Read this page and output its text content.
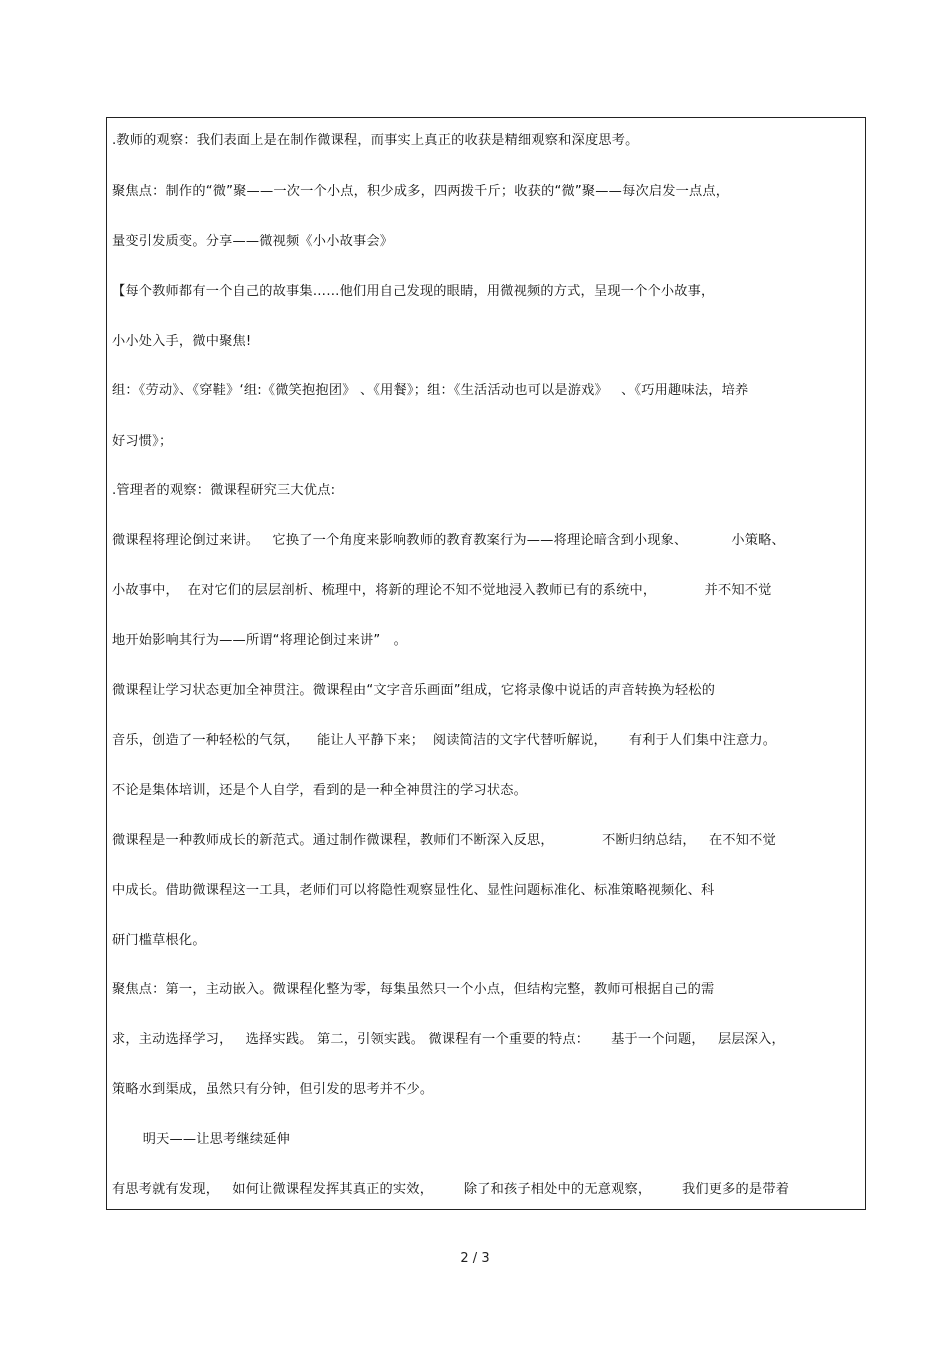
.教师的观察：我们表面上是在制作微课程，而事实上真正的收获是精细观察和深度思考。
聚焦点：制作的“微”聚——一次一个小点，积少成多，四两拨千斤；收获的“微”聚——每次启发一点点，
量变引发质变。分享——微视频《小小故事会》
【每个教师都有一个自己的故事集……他们用自己发现的眼睛，用微视频的方式，呈现一个个小故事，
小小处入手，微中聚焦!
组：《劳动》、《穿鞋》‘组:《微笑抱抱团》 、《用餐》；组：《生活活动也可以是游戏》   、《巧用趣味法，培养
好习惯》；
.管理者的观察：微课程研究三大优点:
微课程将理论倒过来讲。   它换了一个角度来影响教师的教育教案行为——将理论暗含到小现象、          小策略、
小故事中，  在对它们的层层剖析、梳理中，将新的理论不知不觉地浸入教师已有的系统中，           并不知不觉
地开始影响其行为——所谓“将理论倒过来讲”   。
微课程让学习状态更加全神贯注。微课程由“文字音乐画面”组成，它将录像中说话的声音转换为轻松的
音乐，创造了一种轻松的气氛，    能让人平静下来；  阅读简洁的文字代替听解说，     有利于人们集中注意力。
不论是集体培训，还是个人自学，看到的是一种全神贯注的学习状态。
微课程是一种教师成长的新范式。通过制作微课程，教师们不断深入反思，           不断归纳总结，   在不知不觉
中成长。借助微课程这一工具，老师们可以将隐性观察显性化、显性问题标准化、标准策略视频化、科
研门槛草根化。
聚焦点：第一，主动嵌入。微课程化整为零，每集虽然只一个小点，但结构完整，教师可根据自己的需
求，主动选择学习，   选择实践。 第二，引领实践。 微课程有一个重要的特点：     基于一个问题，   层层深入，
策略水到渠成，虽然只有分钟，但引发的思考并不少。
明天——让思考继续延伸
有思考就有发现，   如何让微课程发挥其真正的实效，       除了和孩子相处中的无意观察，       我们更多的是带着
2 / 3
